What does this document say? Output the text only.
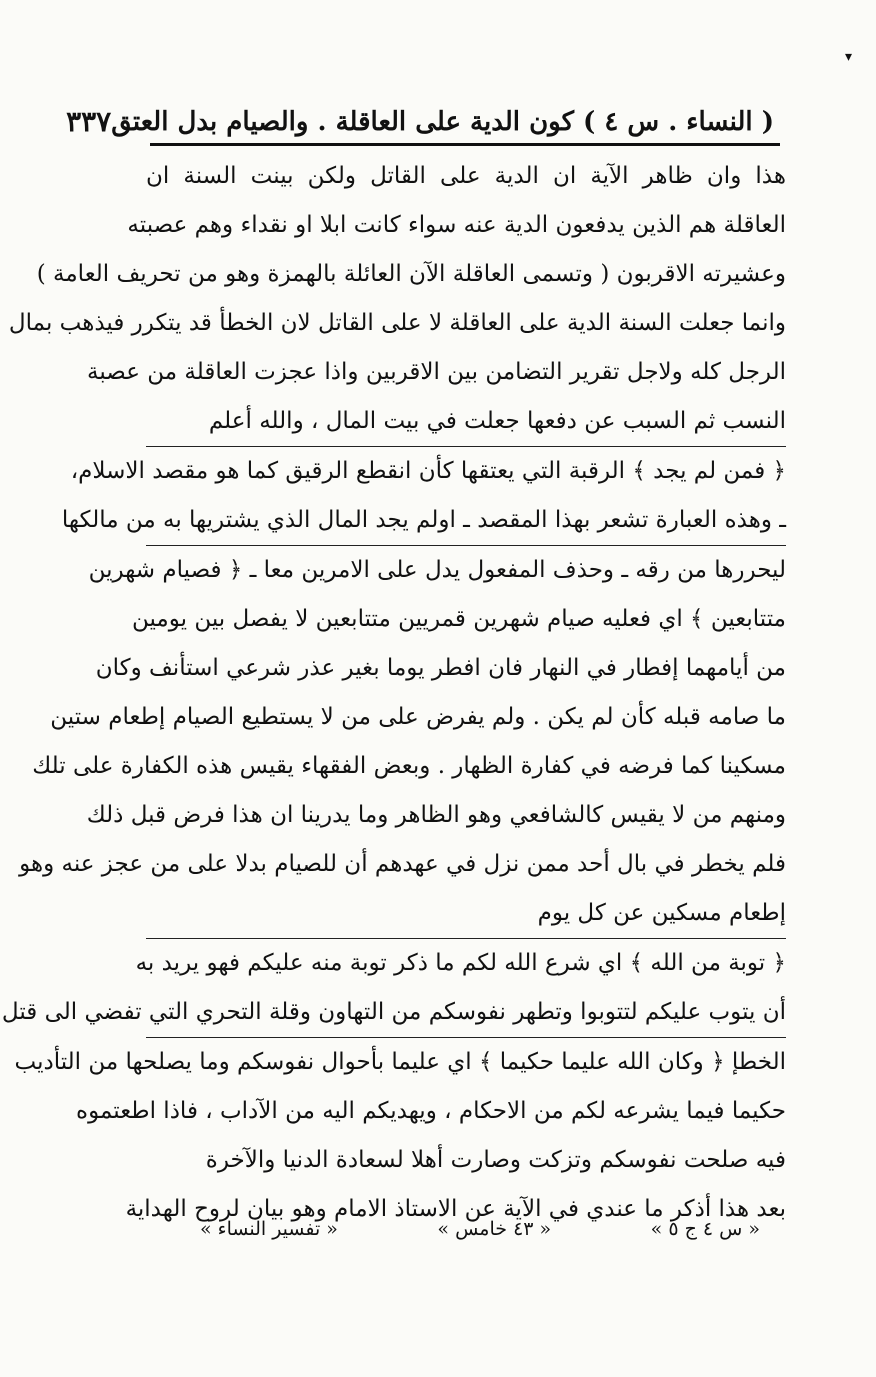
▾
( النساء . س ٤ ) كون الدية على العاقلة . والصيام بدل العتق
٣٣٧
هذا وان ظاهر الآية ان الدية على القاتل ولكن بينت السنة ان
العاقلة هم الذين يدفعون الدية عنه سواء كانت ابلا او نقداء وهم عصبته
وعشيرته الاقربون ( وتسمى العاقلة الآن العائلة بالهمزة وهو من تحريف العامة )
وانما جعلت السنة الدية على العاقلة لا على القاتل لان الخطأ قد يتكرر فيذهب بمال
الرجل كله ولاجل تقرير التضامن بين الاقربين واذا عجزت العاقلة من عصبة
النسب ثم السبب عن دفعها جعلت في بيت المال ، والله أعلم
﴿ فمن لم يجد ﴾ الرقبة التي يعتقها كأن انقطع الرقيق كما هو مقصد الاسلام،
ـ وهذه العبارة تشعر بهذا المقصد ـ اولم يجد المال الذي يشتريها به من مالكها
ليحررها من رقه ـ وحذف المفعول يدل على الامرين معا ـ ﴿ فصيام شهرين
متتابعين ﴾ اي فعليه صيام شهرين قمريين متتابعين لا يفصل بين يومين
من أيامهما إفطار في النهار فان افطر يوما بغير عذر شرعي استأنف وكان
ما صامه قبله كأن لم يكن . ولم يفرض على من لا يستطيع الصيام إطعام ستين
مسكينا كما فرضه في كفارة الظهار . وبعض الفقهاء يقيس هذه الكفارة على تلك
ومنهم من لا يقيس كالشافعي وهو الظاهر وما يدرينا ان هذا فرض قبل ذلك
فلم يخطر في بال أحد ممن نزل في عهدهم أن للصيام بدلا على من عجز عنه وهو
إطعام مسكين عن كل يوم
﴿ توبة من الله ﴾ اي شرع الله لكم ما ذكر توبة منه عليكم فهو يريد به
أن يتوب عليكم لتتوبوا وتطهر نفوسكم من التهاون وقلة التحري التي تفضي الى قتل
الخطإ ﴿ وكان الله عليما حكيما ﴾ اي عليما بأحوال نفوسكم وما يصلحها من التأديب
حكيما فيما يشرعه لكم من الاحكام ، ويهديكم اليه من الآداب ، فاذا اطعتموه
فيه صلحت نفوسكم وتزكت وصارت أهلا لسعادة الدنيا والآخرة
بعد هذا أذكر ما عندي في الآية عن الاستاذ الامام وهو بيان لروح الهداية
« س ٤ ج ٥ »
« ٤٣ خامس »
« تفسير النساء »
